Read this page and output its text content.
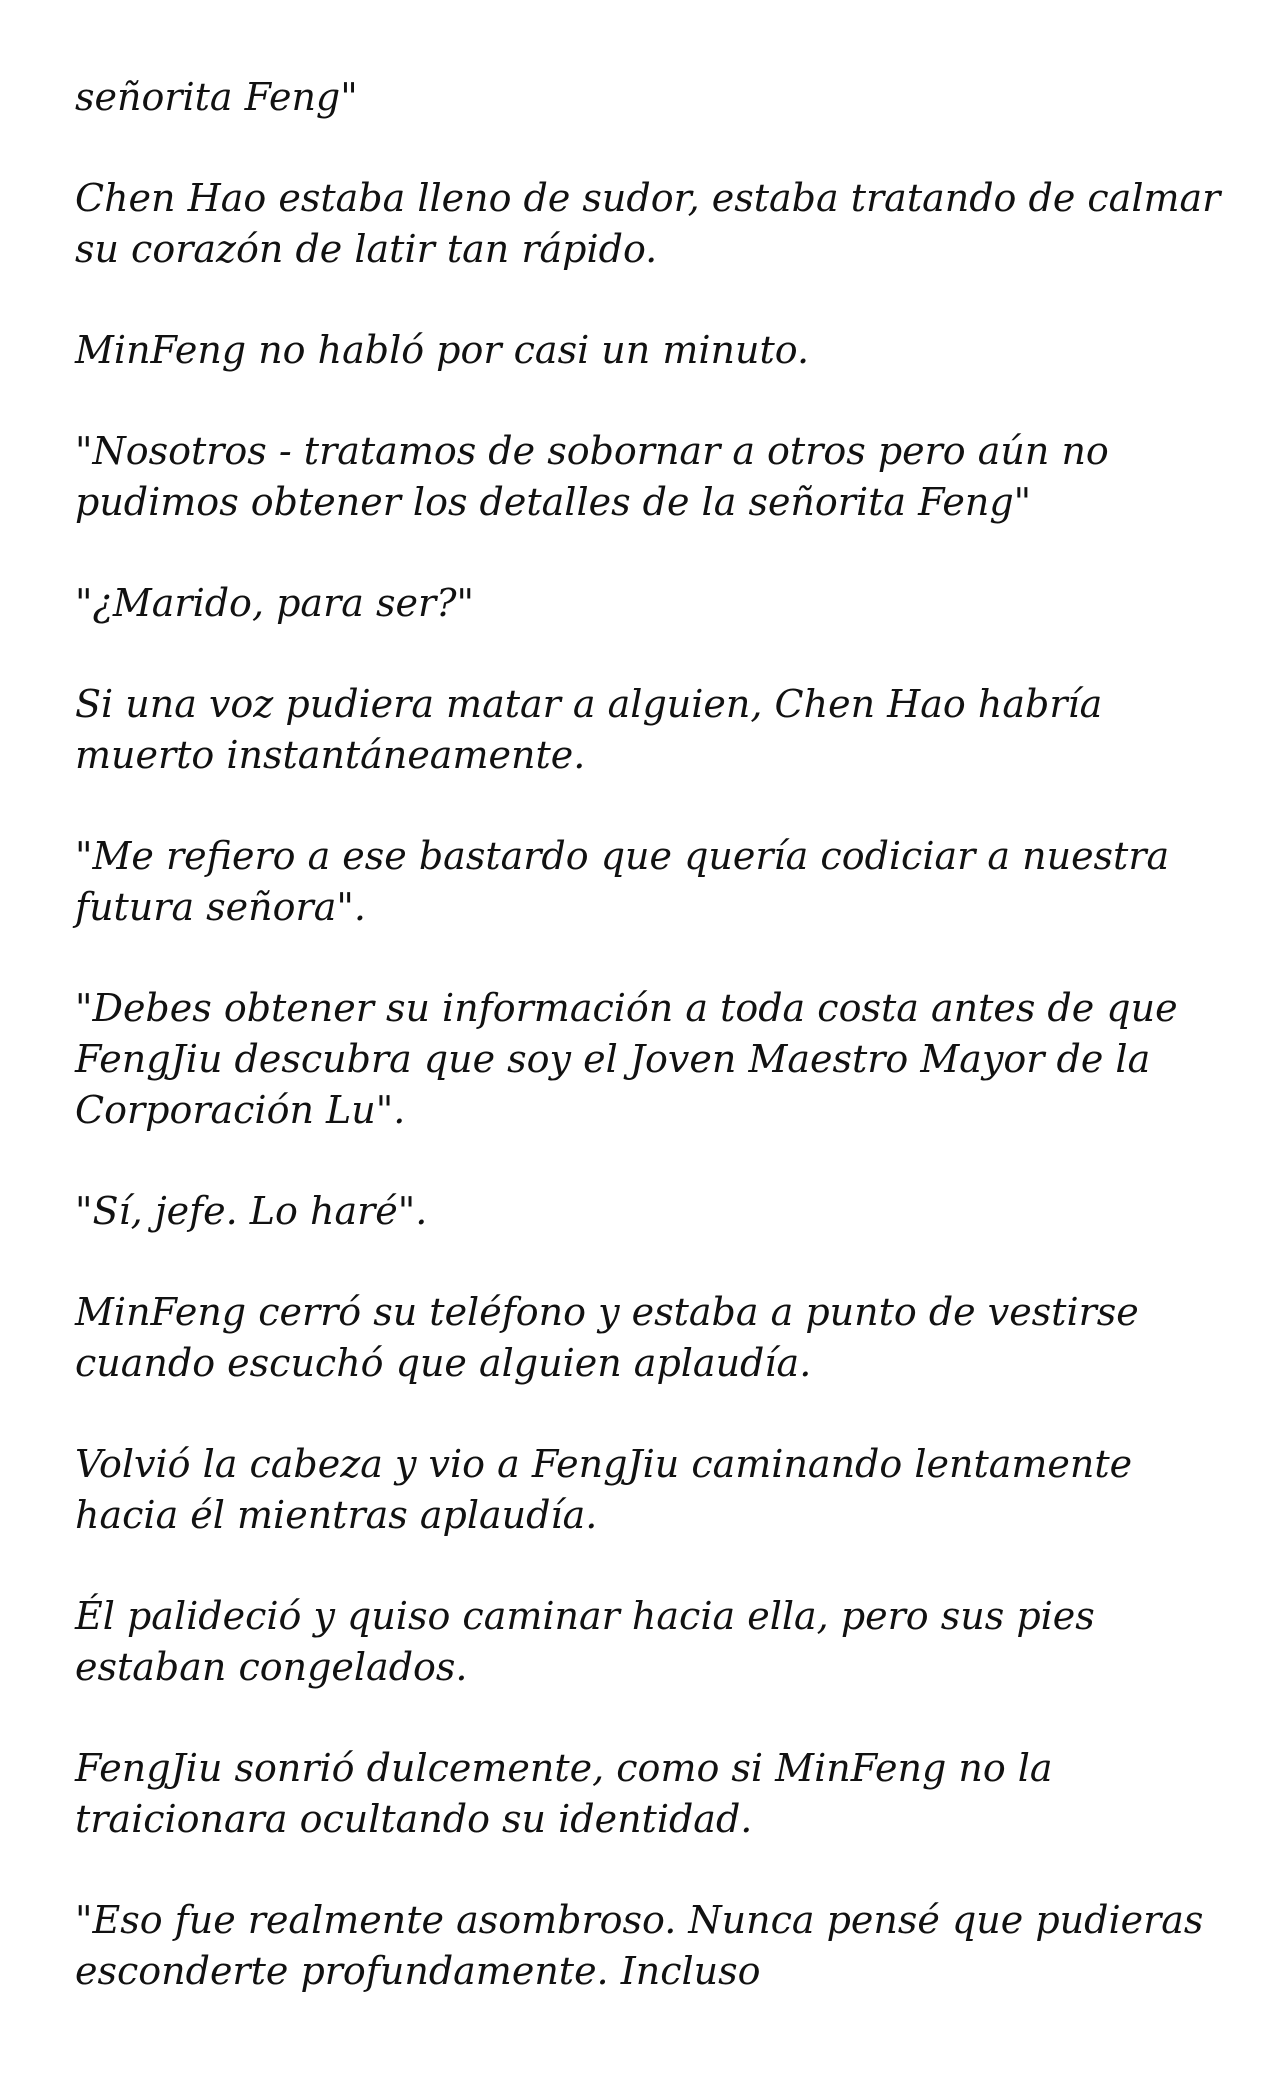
señorita Feng"

Chen Hao estaba lleno de sudor, estaba tratando de calmar su corazón de latir tan rápido.

MinFeng no habló por casi un minuto.

"Nosotros - tratamos de sobornar a otros pero aún no pudimos obtener los detalles de la señorita Feng"

"¿Marido, para ser?"

Si una voz pudiera matar a alguien, Chen Hao habría muerto instantáneamente.

"Me refiero a ese bastardo que quería codiciar a nuestra futura señora".

"Debes obtener su información a toda costa antes de que FengJiu descubra que soy el Joven Maestro Mayor de la Corporación Lu".

"Sí, jefe. Lo haré".

MinFeng cerró su teléfono y estaba a punto de vestirse cuando escuchó que alguien aplaudía.

Volvió la cabeza y vio a FengJiu caminando lentamente hacia él mientras aplaudía.

Él palideció y quiso caminar hacia ella, pero sus pies estaban congelados.

FengJiu sonrió dulcemente, como si MinFeng no la traicionara ocultando su identidad.

"Eso fue realmente asombroso. Nunca pensé que pudieras esconderte profundamente. Incluso
